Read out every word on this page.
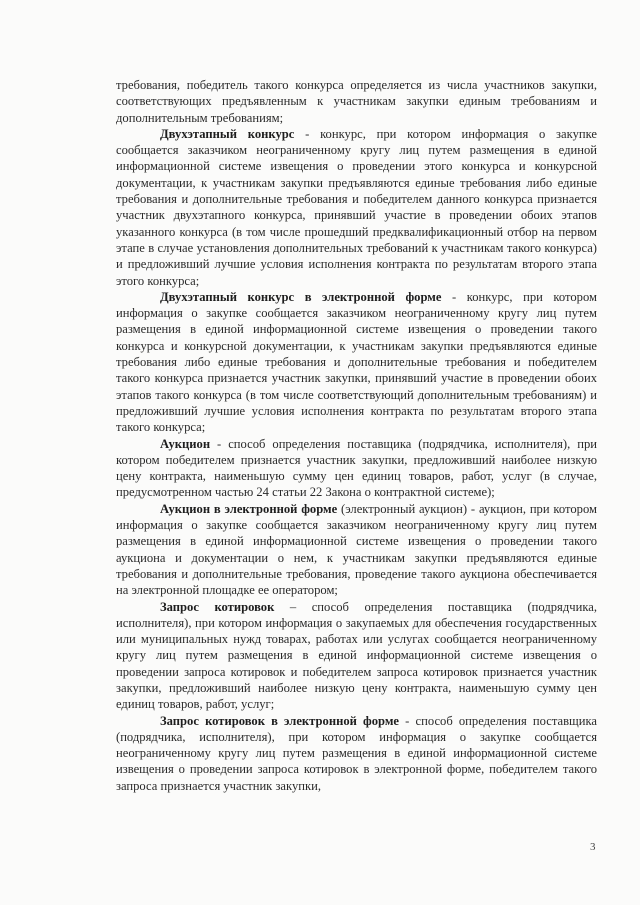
требования, победитель такого конкурса определяется из числа участников закупки, соответствующих предъявленным к участникам закупки единым требованиям и дополнительным требованиям;

Двухэтапный конкурс - конкурс, при котором информация о закупке сообщается заказчиком неограниченному кругу лиц путем размещения в единой информационной системе извещения о проведении этого конкурса и конкурсной документации, к участникам закупки предъявляются единые требования либо единые требования и дополнительные требования и победителем данного конкурса признается участник двухэтапного конкурса, принявший участие в проведении обоих этапов указанного конкурса (в том числе прошедший предквалификационный отбор на первом этапе в случае установления дополнительных требований к участникам такого конкурса) и предложивший лучшие условия исполнения контракта по результатам второго этапа этого конкурса;

Двухэтапный конкурс в электронной форме - конкурс, при котором информация о закупке сообщается заказчиком неограниченному кругу лиц путем размещения в единой информационной системе извещения о проведении такого конкурса и конкурсной документации, к участникам закупки предъявляются единые требования либо единые требования и дополнительные требования и победителем такого конкурса признается участник закупки, принявший участие в проведении обоих этапов такого конкурса (в том числе соответствующий дополнительным требованиям) и предложивший лучшие условия исполнения контракта по результатам второго этапа такого конкурса;

Аукцион - способ определения поставщика (подрядчика, исполнителя), при котором победителем признается участник закупки, предложивший наиболее низкую цену контракта, наименьшую сумму цен единиц товаров, работ, услуг (в случае, предусмотренном частью 24 статьи 22 Закона о контрактной системе);

Аукцион в электронной форме (электронный аукцион) - аукцион, при котором информация о закупке сообщается заказчиком неограниченному кругу лиц путем размещения в единой информационной системе извещения о проведении такого аукциона и документации о нем, к участникам закупки предъявляются единые требования и дополнительные требования, проведение такого аукциона обеспечивается на электронной площадке ее оператором;

Запрос котировок – способ определения поставщика (подрядчика, исполнителя), при котором информация о закупаемых для обеспечения государственных или муниципальных нужд товарах, работах или услугах сообщается неограниченному кругу лиц путем размещения в единой информационной системе извещения о проведении запроса котировок и победителем запроса котировок признается участник закупки, предложивший наиболее низкую цену контракта, наименьшую сумму цен единиц товаров, работ, услуг;

Запрос котировок в электронной форме - способ определения поставщика (подрядчика, исполнителя), при котором информация о закупке сообщается неограниченному кругу лиц путем размещения в единой информационной системе извещения о проведении запроса котировок в электронной форме, победителем такого запроса признается участник закупки,

3
